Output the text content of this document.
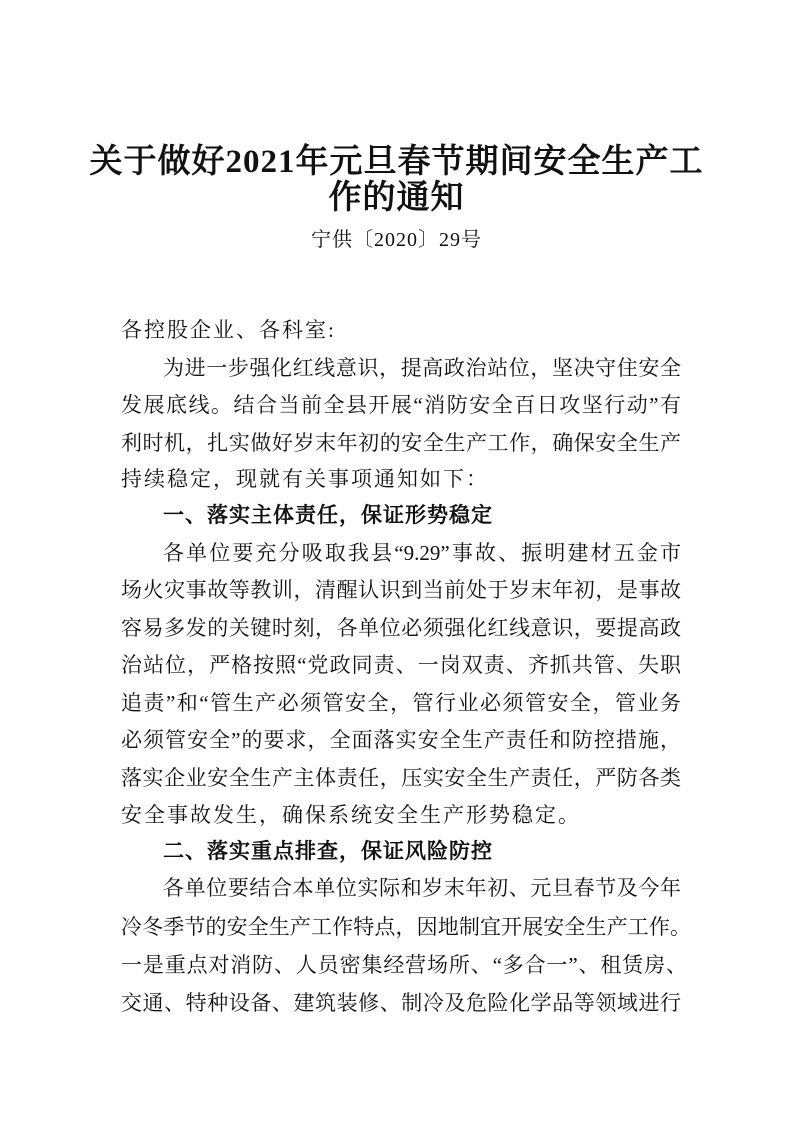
关于做好2021年元旦春节期间安全生产工
作的通知
宁供〔2020〕29号
各控股企业、各科室:
为进一步强化红线意识，提高政治站位，坚决守住安全
发展底线。结合当前全县开展“消防安全百日攻坚行动”有
利时机，扎实做好岁末年初的安全生产工作，确保安全生产
持续稳定，现就有关事项通知如下：
一、落实主体责任，保证形势稳定
各单位要充分吸取我县“9.29”事故、振明建材五金市
场火灾事故等教训，清醒认识到当前处于岁末年初，是事故
容易多发的关键时刻，各单位必须强化红线意识，要提高政
治站位，严格按照“党政同责、一岗双责、齐抓共管、失职
追责”和“管生产必须管安全，管行业必须管安全，管业务
必须管安全”的要求，全面落实安全生产责任和防控措施，
落实企业安全生产主体责任，压实安全生产责任，严防各类
安全事故发生，确保系统安全生产形势稳定。
二、落实重点排查，保证风险防控
各单位要结合本单位实际和岁末年初、元旦春节及今年
冷冬季节的安全生产工作特点，因地制宜开展安全生产工作。
一是重点对消防、人员密集经营场所、“多合一”、租赁房、
交通、特种设备、建筑装修、制冷及危险化学品等领域进行
